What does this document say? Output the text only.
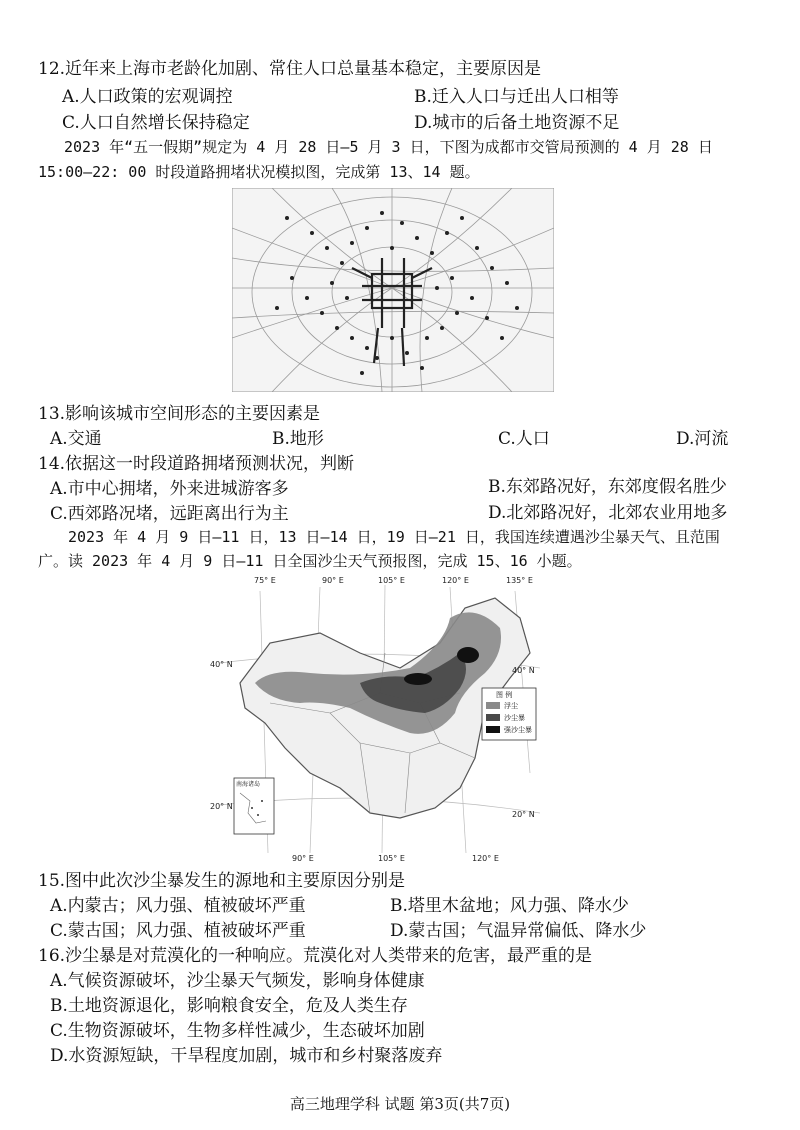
12.近年来上海市老龄化加剧、常住人口总量基本稳定，主要原因是
A.人口政策的宏观调控	B.迁入人口与迁出人口相等
C.人口自然增长保持稳定	D.城市的后备土地资源不足
2023 年“五一假期”规定为 4 月 28 日—5 月 3 日，下图为成都市交管局预测的 4 月 28 日
15:00—22: 00 时段道路拥堵状况模拟图，完成第 13、14 题。
13.影响该城市空间形态的主要因素是
A.交通	B.地形	C.人口	D.河流
14.依据这一时段道路拥堵预测状况，判断
A.市中心拥堵，外来进城游客多	B.东郊路况好，东郊度假名胜少
C.西郊路况堵，远距离出行为主	D.北郊路况好，北郊农业用地多
2023 年 4 月 9 日—11 日，13 日—14 日，19 日—21 日，我国连续遭遇沙尘暴天气、且范围
广。读 2023 年 4 月 9 日—11 日全国沙尘天气预报图，完成 15、16 小题。
75° E	90° E	105° E	120° E	135° E
90° E	105° E	120° E
40° N
40° N
20° N
20° N
图 例
浮尘
沙尘暴
强沙尘暴
南海诸岛
15.图中此次沙尘暴发生的源地和主要原因分别是
A.内蒙古；风力强、植被破坏严重	B.塔里木盆地；风力强、降水少
C.蒙古国；风力强、植被破坏严重	D.蒙古国；气温异常偏低、降水少
16.沙尘暴是对荒漠化的一种响应。荒漠化对人类带来的危害，最严重的是
A.气候资源破坏，沙尘暴天气频发，影响身体健康
B.土地资源退化，影响粮食安全，危及人类生存
C.生物资源破坏，生物多样性减少，生态破坏加剧
D.水资源短缺，干旱程度加剧，城市和乡村聚落废弃
高三地理学科 试题 第3页(共7页)
